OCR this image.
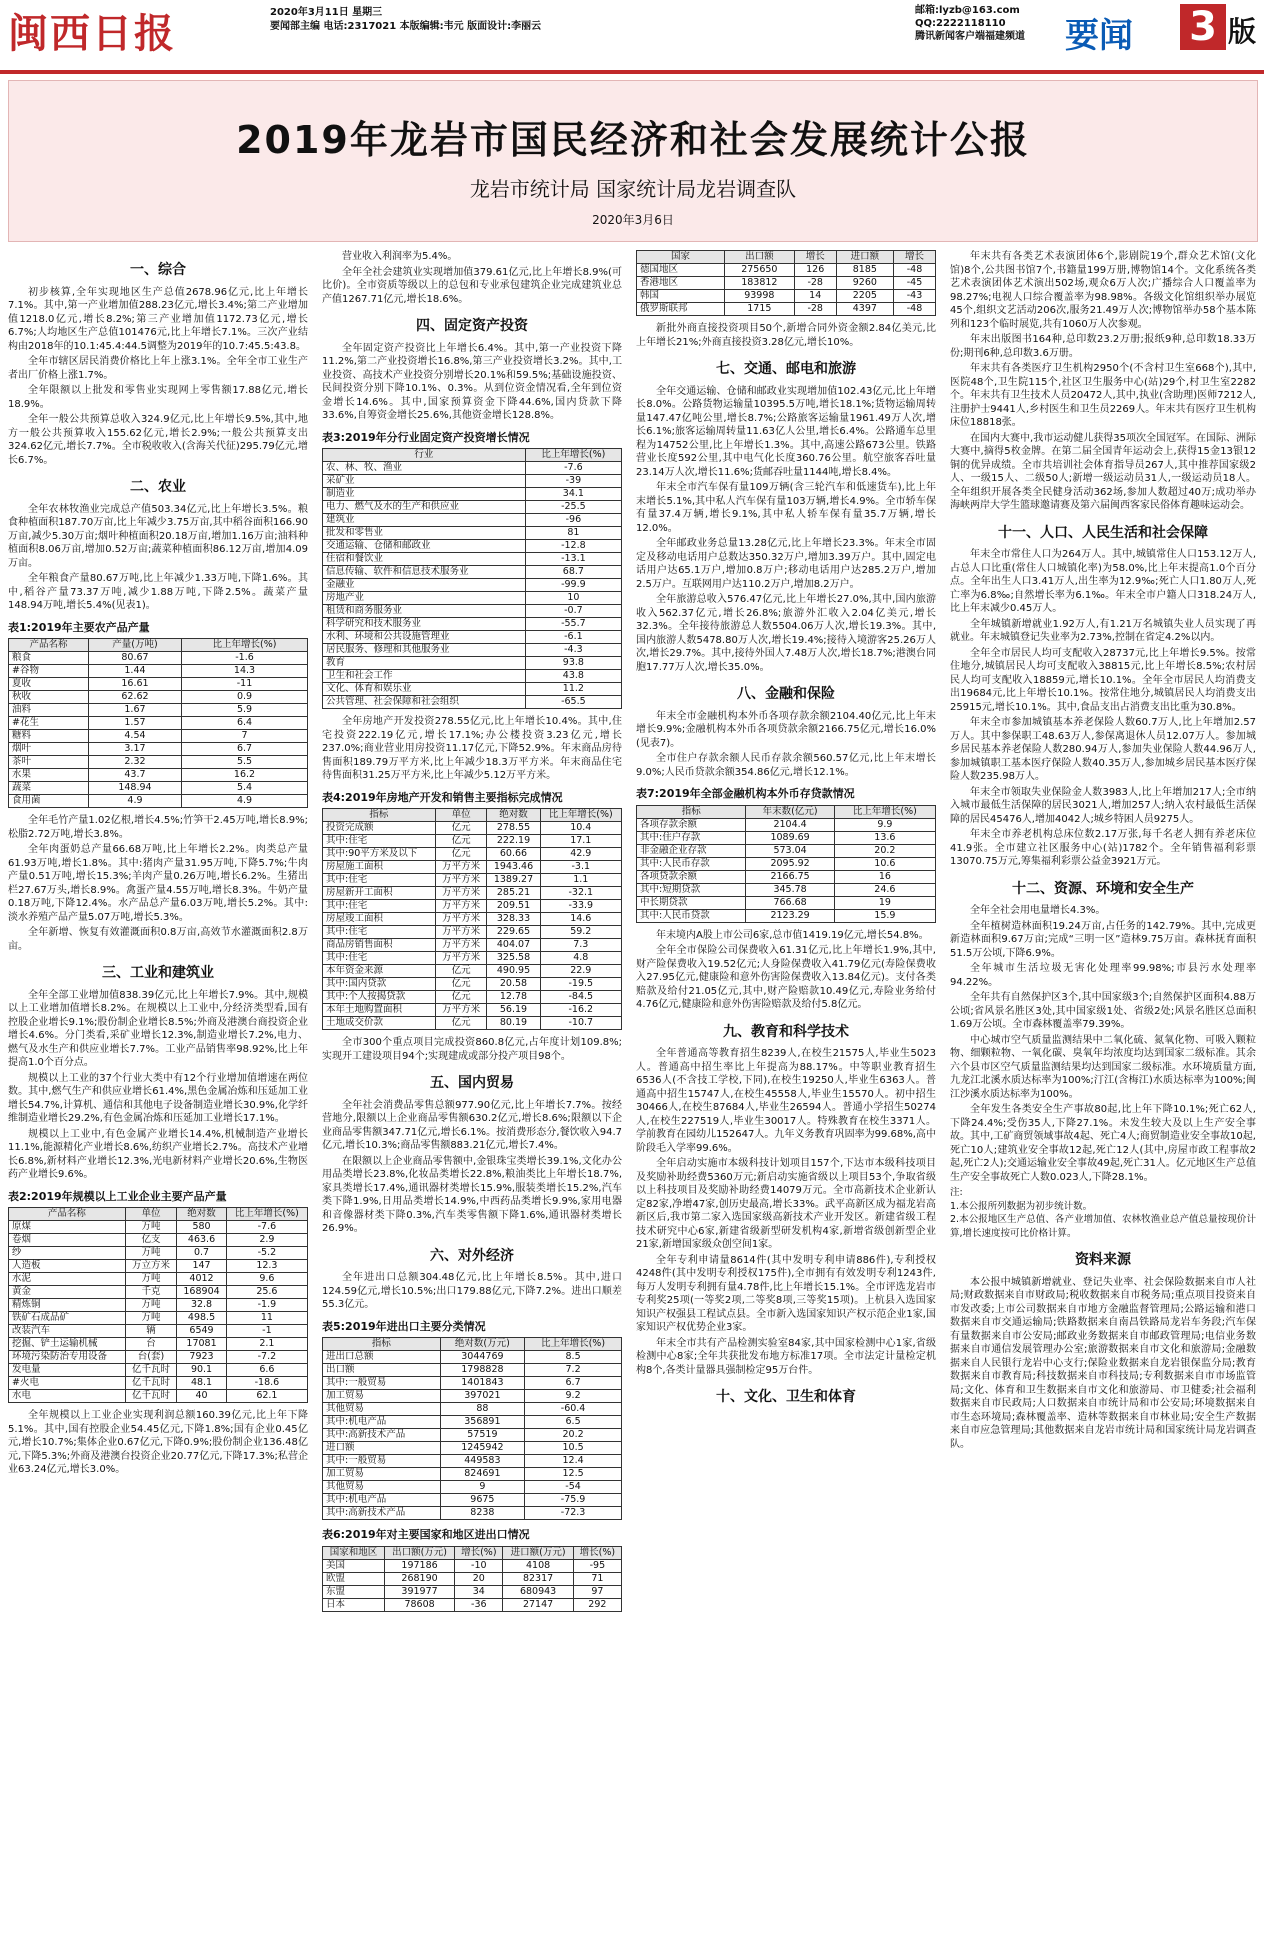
闽西日报	2020年3月11日 星期三
要闻部主编 电话:2317021 本版编辑:韦元 版面设计:李丽云
邮箱:lyzb@163.com
QQ:2222118110
腾讯新闻客户端福建频道 要闻 3 版
2019年龙岩市国民经济和社会发展统计公报
龙岩市统计局 国家统计局龙岩调查队
2020年3月6日
一、综合

初步核算,全年实现地区生产总值2678.96亿元,比上年增长7.1%。其中,第一产业增加值288.23亿元,增长3.4%;第二产业增加值1218.0亿元,增长8.2%;第三产业增加值1172.73亿元,增长6.7%;人均地区生产总值101476元,比上年增长7.1%。三次产业结构由2018年的10.1:45.4:44.5调整为2019年的10.7:45.5:43.8。

全年市辖区居民消费价格比上年上涨3.1%。全年全市工业生产者出厂价格上涨1.7%。

全年限额以上批发和零售业实现网上零售额17.88亿元,增长18.9%。

全年一般公共预算总收入324.9亿元,比上年增长9.5%,其中,地方一般公共预算收入155.62亿元,增长2.9%;一般公共预算支出324.62亿元,增长7.7%。全市税收收入(含海关代征)295.79亿元,增长6.7%。

二、农业

全年农林牧渔业完成总产值503.34亿元,比上年增长3.5%。粮食种植面积187.70万亩,比上年减少3.75万亩,其中稻谷面积166.90万亩,减少5.30万亩;烟叶种植面积20.18万亩,增加1.16万亩;油料种植面积8.06万亩,增加0.52万亩;蔬菜种植面积86.12万亩,增加4.09万亩。

全年粮食产量80.67万吨,比上年减少1.33万吨,下降1.6%。其中,稻谷产量73.37万吨,减少1.88万吨,下降2.5%。蔬菜产量148.94万吨,增长5.4%(见表1)。

表1:2019年主要农产品产量
产品名称	产量(万吨)	比上年增长(%)
粮食	80.67	-1.6
#谷物	1.44	14.3
夏收	16.61	-11
秋收	62.62	0.9
油料	1.67	5.9
#花生	1.57	6.4
糖料	4.54	7
烟叶	3.17	6.7
茶叶	2.32	5.5
水果	43.7	16.2
蔬菜	148.94	5.4
食用菌	4.9	4.9

全年毛竹产量1.02亿根,增长4.5%;竹笋干2.45万吨,增长8.9%;松脂2.72万吨,增长3.8%。

全年肉蛋奶总产量66.68万吨,比上年增长2.2%。肉类总产量61.93万吨,增长1.8%。其中:猪肉产量31.95万吨,下降5.7%;牛肉产量0.51万吨,增长15.3%;羊肉产量0.26万吨,增长6.2%。生猪出栏27.67万头,增长8.9%。禽蛋产量4.55万吨,增长8.3%。牛奶产量0.18万吨,下降12.4%。水产品总产量6.03万吨,增长5.2%。其中:淡水养殖产品产量5.07万吨,增长5.3%。

全年新增、恢复有效灌溉面积0.8万亩,高效节水灌溉面积2.8万亩。

三、工业和建筑业

全年全部工业增加值838.39亿元,比上年增长7.9%。其中,规模以上工业增加值增长8.2%。在规模以上工业中,分经济类型看,国有控股企业增长9.1%;股份制企业增长8.5%;外商及港澳台商投资企业增长4.6%。分门类看,采矿业增长12.3%,制造业增长7.2%,电力、燃气及水生产和供应业增长7.7%。工业产品销售率98.92%,比上年提高1.0个百分点。

规模以上工业的37个行业大类中有12个行业增加值增速在两位数。其中,燃气生产和供应业增长61.4%,黑色金属冶炼和压延加工业增长54.7%,计算机、通信和其他电子设备制造业增长30.9%,化学纤维制造业增长29.2%,有色金属冶炼和压延加工业增长17.1%。

规模以上工业中,有色金属产业增长14.4%,机械制造产业增长11.1%,能源精化产业增长8.6%,纺织产业增长2.7%。高技术产业增长6.8%,新材料产业增长12.3%,光电新材料产业增长20.6%,生物医药产业增长9.6%。

表2:2019年规模以上工业企业主要产品产量
产品名称	单位	绝对数	比上年增长(%)
原煤	万吨	580	-7.6
卷烟	亿支	463.6	2.9
纱	万吨	0.7	-5.2
人造板	万立方米	147	12.3
水泥	万吨	4012	9.6
黄金	千克	168904	25.6
精炼铜	万吨	32.8	-1.9
铁矿石成品矿	万吨	498.5	11
改装汽车	辆	6549	-1
挖掘、铲土运输机械	台	17081	2.1
环境污染防治专用设备	台(套)	7923	-7.2
发电量	亿千瓦时	90.1	6.6
#火电	亿千瓦时	48.1	-18.6
水电	亿千瓦时	40	62.1

全年规模以上工业企业实现利润总额160.39亿元,比上年下降5.1%。其中,国有控股企业54.45亿元,下降1.8%;国有企业0.45亿元,增长10.7%;集体企业0.67亿元,下降0.9%;股份制企业136.48亿元,下降5.3%;外商及港澳台投资企业20.77亿元,下降17.3%;私营企业63.24亿元,增长3.0%。

营业收入利润率为5.4%。

全年全社会建筑业实现增加值379.61亿元,比上年增长8.9%(可比价)。全市资质等级以上的总包和专业承包建筑企业完成建筑业总产值1267.71亿元,增长18.6%。

四、固定资产投资

全年固定资产投资比上年增长6.4%。其中,第一产业投资下降11.2%,第二产业投资增长16.8%,第三产业投资增长3.2%。其中,工业投资、高技术产业投资分别增长20.1%和59.5%;基础设施投资、民间投资分别下降10.1%、0.3%。从到位资金情况看,全年到位资金增长14.6%。其中,国家预算资金下降44.6%,国内贷款下降33.6%,自筹资金增长25.6%,其他资金增长128.8%。

表3:2019年分行业固定资产投资增长情况
行业	比上年增长(%)
农、林、牧、渔业	-7.6
采矿业	-39
制造业	34.1
电力、燃气及水的生产和供应业	-25.5
建筑业	-96
批发和零售业	81
交通运输、仓储和邮政业	-12.8
住宿和餐饮业	-13.1
信息传输、软件和信息技术服务业	68.7
金融业	-99.9
房地产业	10
租赁和商务服务业	-0.7
科学研究和技术服务业	-55.7
水利、环境和公共设施管理业	-6.1
居民服务、修理和其他服务业	-4.3
教育	93.8
卫生和社会工作	43.8
文化、体育和娱乐业	11.2
公共管理、社会保障和社会组织	-65.5

全年房地产开发投资278.55亿元,比上年增长10.4%。其中,住宅投资222.19亿元,增长17.1%;办公楼投资3.23亿元,增长237.0%;商业营业用房投资11.17亿元,下降52.9%。年末商品房待售面积189.79万平方米,比上年减少18.3万平方米。年末商品住宅待售面积31.25万平方米,比上年减少5.12万平方米。

表4:2019年房地产开发和销售主要指标完成情况
指标	单位	绝对数	比上年增长(%)
投资完成额	亿元	278.55	10.4
其中:住宅	亿元	222.19	17.1
其中:90平方米及以下	亿元	60.66	42.9
房屋施工面积	万平方米	1943.46	-3.1
其中:住宅	万平方米	1389.27	1.1
房屋新开工面积	万平方米	285.21	-32.1
其中:住宅	万平方米	209.51	-33.9
房屋竣工面积	万平方米	328.33	14.6
其中:住宅	万平方米	229.65	59.2
商品房销售面积	万平方米	404.07	7.3
其中:住宅	万平方米	325.58	4.8
本年资金来源	亿元	490.95	22.9
其中:国内贷款	亿元	20.58	-19.5
其中:个人按揭贷款	亿元	12.78	-84.5
本年土地购置面积	万平方米	56.19	-16.2
土地成交价款	亿元	80.19	-10.7

全市300个重点项目完成投资860.8亿元,占年度计划109.8%;实现开工建设项目94个;实现建成或部分投产项目98个。

五、国内贸易

全年社会消费品零售总额977.90亿元,比上年增长7.7%。按经营地分,限额以上企业商品零售额630.2亿元,增长8.6%;限额以下企业商品零售额347.71亿元,增长6.1%。按消费形态分,餐饮收入94.7亿元,增长10.3%;商品零售额883.21亿元,增长7.4%。

在限额以上企业商品零售额中,金银珠宝类增长39.1%,文化办公用品类增长23.8%,化妆品类增长22.8%,粮油类比上年增长18.7%,家具类增长17.4%,通讯器材类增长15.9%,服装类增长15.2%,汽车类下降1.9%,日用品类增长14.9%,中西药品类增长9.9%,家用电器和音像器材类下降0.3%,汽车类零售额下降1.6%,通讯器材类增长26.9%。

六、对外经济

全年进出口总额304.48亿元,比上年增长8.5%。其中,进口124.59亿元,增长10.5%;出口179.88亿元,下降7.2%。进出口顺差55.3亿元。

表5:2019年进出口主要分类情况
指标	绝对数(万元)	比上年增长(%)
进出口总额	3044769	8.5
出口额	1798828	7.2
其中:一般贸易	1401843	6.7
加工贸易	397021	9.2
其他贸易	88	-60.4
其中:机电产品	356891	6.5
其中:高新技术产品	57519	20.2
进口额	1245942	10.5
其中:一般贸易	449583	12.4
加工贸易	824691	12.5
其他贸易	9	-54
其中:机电产品	9675	-75.9
其中:高新技术产品	8238	-72.3
表6:2019年对主要国家和地区进出口情况
国家和地区	出口额(万元)	增长(%)	进口额(万元)	增长(%)
美国	197186	-10	4108	-95
欧盟	268190	20	82317	71
东盟	391977	34	680943	97
日本	78608	-36	27147	292
国家	出口额	增长	进口额	增长
德国地区	275650	126	8185	-48
香港地区	183812	-28	9260	-45
韩国	93998	14	2205	-43
俄罗斯联邦	1715	-28	4397	-48

新批外商直接投资项目50个,新增合同外资金额2.84亿美元,比上年增长21%;外商直接投资3.28亿元,增长10%。

七、交通、邮电和旅游

全年交通运输、仓储和邮政业实现增加值102.43亿元,比上年增长8.0%。公路货物运输量10395.5万吨,增长18.1%;货物运输周转量147.47亿吨公里,增长8.7%;公路旅客运输量1961.49万人次,增长6.1%;旅客运输周转量11.63亿人公里,增长6.4%。公路通车总里程为14752公里,比上年增长1.3%。其中,高速公路673公里。铁路营业长度592公里,其中电气化长度360.76公里。航空旅客吞吐量23.14万人次,增长11.6%;货邮吞吐量1144吨,增长8.4%。

年末全市汽车保有量109万辆(含三轮汽车和低速货车),比上年末增长5.1%,其中私人汽车保有量103万辆,增长4.9%。全市轿车保有量37.4万辆,增长9.1%,其中私人轿车保有量35.7万辆,增长12.0%。

全年邮政业务总量13.28亿元,比上年增长23.3%。年末全市固定及移动电话用户总数达350.32万户,增加3.39万户。其中,固定电话用户达65.1万户,增加0.8万户;移动电话用户达285.2万户,增加2.5万户。互联网用户达110.2万户,增加8.2万户。

全年旅游总收入576.47亿元,比上年增长27.0%,其中,国内旅游收入562.37亿元,增长26.8%;旅游外汇收入2.04亿美元,增长32.3%。全年接待旅游总人数5504.06万人次,增长19.3%。其中,国内旅游人数5478.80万人次,增长19.4%;接待入境游客25.26万人次,增长29.7%。其中,接待外国人7.48万人次,增长18.7%;港澳台同胞17.77万人次,增长35.0%。

八、金融和保险

年末全市金融机构本外币各项存款余额2104.40亿元,比上年末增长9.9%;金融机构本外币各项贷款余额2166.75亿元,增长16.0%(见表7)。

全市住户存款余额人民币存款余额560.57亿元,比上年末增长9.0%;人民币贷款余额354.86亿元,增长12.1%。

表7:2019年全部金融机构本外币存贷款情况
指标	年末数(亿元)	比上年增长(%)
各项存款余额	2104.4	9.9
其中:住户存款	1089.69	13.6
非金融企业存款	573.04	20.2
其中:人民币存款	2095.92	10.6
各项贷款余额	2166.75	16
其中:短期贷款	345.78	24.6
中长期贷款	766.68	19
其中:人民币贷款	2123.29	15.9

年末境内A股上市公司6家,总市值1419.19亿元,增长54.8%。

全年全市保险公司保费收入61.31亿元,比上年增长1.9%,其中,财产险保费收入19.52亿元;人身险保费收入41.79亿元(寿险保费收入27.95亿元,健康险和意外伤害险保费收入13.84亿元)。支付各类赔款及给付21.05亿元,其中,财产险赔款10.49亿元,寿险业务给付4.76亿元,健康险和意外伤害险赔款及给付5.8亿元。

九、教育和科学技术

全年普通高等教育招生8239人,在校生21575人,毕业生5023人。普通高中招生率比上年提高为88.17%。中等职业教育招生6536人(不含技工学校,下同),在校生19250人,毕业生6363人。普通高中招生15747人,在校生45558人,毕业生15570人。初中招生30466人,在校生87684人,毕业生26594人。普通小学招生50274人,在校生227519人,毕业生30017人。特殊教育在校生3371人。学前教育在园幼儿152647人。九年义务教育巩固率为99.68%,高中阶段毛入学率99.6%。

全年启动实施市本级科技计划项目157个,下达市本级科技项目及奖励补助经费5360万元;新启动实施省级以上项目53个,争取省级以上科技项目及奖励补助经费14079万元。全市高新技术企业新认定82家,净增47家,创历史最高,增长33%。武平高新区成为福龙岩高新区后,我市第二家入选国家级高新技术产业开发区。新建省级工程技术研究中心6家,新建省级新型研发机构4家,新增省级创新型企业21家,新增国家级众创空间1家。

全年专利申请量8614件(其中发明专利申请886件),专利授权4248件(其中发明专利授权175件),全市拥有有效发明专利1243件,每万人发明专利拥有量4.78件,比上年增长15.1%。全市评选龙岩市专利奖25项(一等奖2项,二等奖8项,三等奖15项)。上杭县入选国家知识产权强县工程试点县。全市新入选国家知识产权示范企业1家,国家知识产权优势企业3家。

年末全市共有产品检测实验室84家,其中国家检测中心1家,省级检测中心8家;全年共获批发布地方标准17项。全市法定计量检定机构8个,各类计量器具强制检定95万台件。

十、文化、卫生和体育

年末共有各类艺术表演团体6个,影剧院19个,群众艺术馆(文化馆)8个,公共图书馆7个,书籍量199万册,博物馆14个。文化系统各类艺术表演团体艺术演出502场,观众6万人次;广播综合人口覆盖率为98.27%;电视人口综合覆盖率为98.98%。各级文化馆组织举办展览45个,组织文艺活动206次,服务21.49万人次;博物馆举办58个基本陈列和123个临时展览,共有1060万人次参观。

年末出版图书164种,总印数23.2万册;报纸9种,总印数18.33万份;期刊6种,总印数3.6万册。

年末共有各类医疗卫生机构2950个(不含村卫生室668个),其中,医院48个,卫生院115个,社区卫生服务中心(站)29个,村卫生室2282个。年末共有卫生技术人员20472人,其中,执业(含助理)医师7212人,注册护士9441人,乡村医生和卫生员2269人。年末共有医疗卫生机构床位18818张。

在国内大赛中,我市运动健儿获得35项次全国冠军。在国际、洲际大赛中,摘得5枚金牌。在第二届全国青年运动会上,获得15金13银12铜的优异成绩。全市共培训社会体育指导员267人,其中推荐国家级2人、一级15人、二级50人;新增一级运动员31人,一级运动员18人。全年组织开展各类全民健身活动362场,参加人数超过40万;成功举办海峡两岸大学生篮球邀请赛及第六届闽西客家民俗体育趣味运动会。

十一、人口、人民生活和社会保障

年末全市常住人口为264万人。其中,城镇常住人口153.12万人,占总人口比重(常住人口城镇化率)为58.0%,比上年末提高1.0个百分点。全年出生人口3.41万人,出生率为12.9‰;死亡人口1.80万人,死亡率为6.8‰;自然增长率为6.1‰。年末全市户籍人口318.24万人,比上年末减少0.45万人。

全年城镇新增就业1.92万人,有1.21万名城镇失业人员实现了再就业。年末城镇登记失业率为2.73%,控制在省定4.2%以内。

全年全市居民人均可支配收入28737元,比上年增长9.5%。按常住地分,城镇居民人均可支配收入38815元,比上年增长8.5%;农村居民人均可支配收入18859元,增长10.1%。全年全市居民人均消费支出19684元,比上年增长10.1%。按常住地分,城镇居民人均消费支出25915元,增长10.1%。其中,食品支出占消费支出比重为30.8%。

年末全市参加城镇基本养老保险人数60.7万人,比上年增加2.57万人。其中参保职工48.63万人,参保离退休人员12.07万人。参加城乡居民基本养老保险人数280.94万人,参加失业保险人数44.96万人,参加城镇职工基本医疗保险人数40.35万人,参加城乡居民基本医疗保险人数235.98万人。

年末全市领取失业保险金人数3983人,比上年增加217人;全市纳入城市最低生活保障的居民3021人,增加257人;纳入农村最低生活保障的居民45476人,增加4042人;城乡特困人员9275人。

年末全市养老机构总床位数2.17万张,每千名老人拥有养老床位41.9张。全市建立社区服务中心(站)1782个。全年销售福利彩票13070.75万元,筹集福利彩票公益金3921万元。

十二、资源、环境和安全生产

全年全社会用电量增长4.3%。

全年植树造林面积19.24万亩,占任务的142.79%。其中,完成更新造林面积9.67万亩;完成“三明一区”造林9.75万亩。森林抚育面积51.5万公顷,下降6.9%。

全年城市生活垃圾无害化处理率99.98%;市县污水处理率94.22%。

全年共有自然保护区3个,其中国家级3个;自然保护区面积4.88万公顷;省风景名胜区3处,其中国家级1处、省级2处;风景名胜区总面积1.69万公顷。全市森林覆盖率79.39%。

中心城市空气质量监测结果中二氧化硫、氮氧化物、可吸入颗粒物、细颗粒物、一氧化碳、臭氧年均浓度均达到国家二级标准。其余六个县市区空气质量监测结果均达到国家二级标准。水环境质量方面,九龙江北溪水质达标率为100%;汀江(含梅江)水质达标率为100%;闽江沙溪水质达标率为100%。

全年发生各类安全生产事故80起,比上年下降10.1%;死亡62人,下降24.4%;受伤35人,下降27.1%。未发生较大及以上生产安全事故。其中,工矿商贸领域事故4起、死亡4人;商贸制造业安全事故10起,死亡10人;建筑业安全事故12起,死亡12人(其中,房屋市政工程事故2起,死亡2人);交通运输业安全事故49起,死亡31人。亿元地区生产总值生产安全事故死亡人数0.023人,下降28.1%。

注:
1.本公报所列数据为初步统计数。
2.本公报地区生产总值、各产业增加值、农林牧渔业总产值总量按现价计算,增长速度按可比价格计算。
资料来源

本公报中城镇新增就业、登记失业率、社会保险数据来自市人社局;财政数据来自市财政局;税收数据来自市税务局;重点项目投资来自市发改委;上市公司数据来自市地方金融监督管理局;公路运输和港口数据来自市交通运输局;铁路数据来自南昌铁路局龙岩车务段;汽车保有量数据来自市公安局;邮政业务数据来自市邮政管理局;电信业务数据来自市通信发展管理办公室;旅游数据来自市文化和旅游局;金融数据来自人民银行龙岩中心支行;保险业数据来自龙岩银保监分局;教育数据来自市教育局;科技数据来自市科技局;专利数据来自市市场监管局;文化、体育和卫生数据来自市文化和旅游局、市卫健委;社会福利数据来自市民政局;人口数据来自市统计局和市公安局;环境数据来自市生态环境局;森林覆盖率、造林等数据来自市林业局;安全生产数据来自市应急管理局;其他数据来自龙岩市统计局和国家统计局龙岩调查队。
